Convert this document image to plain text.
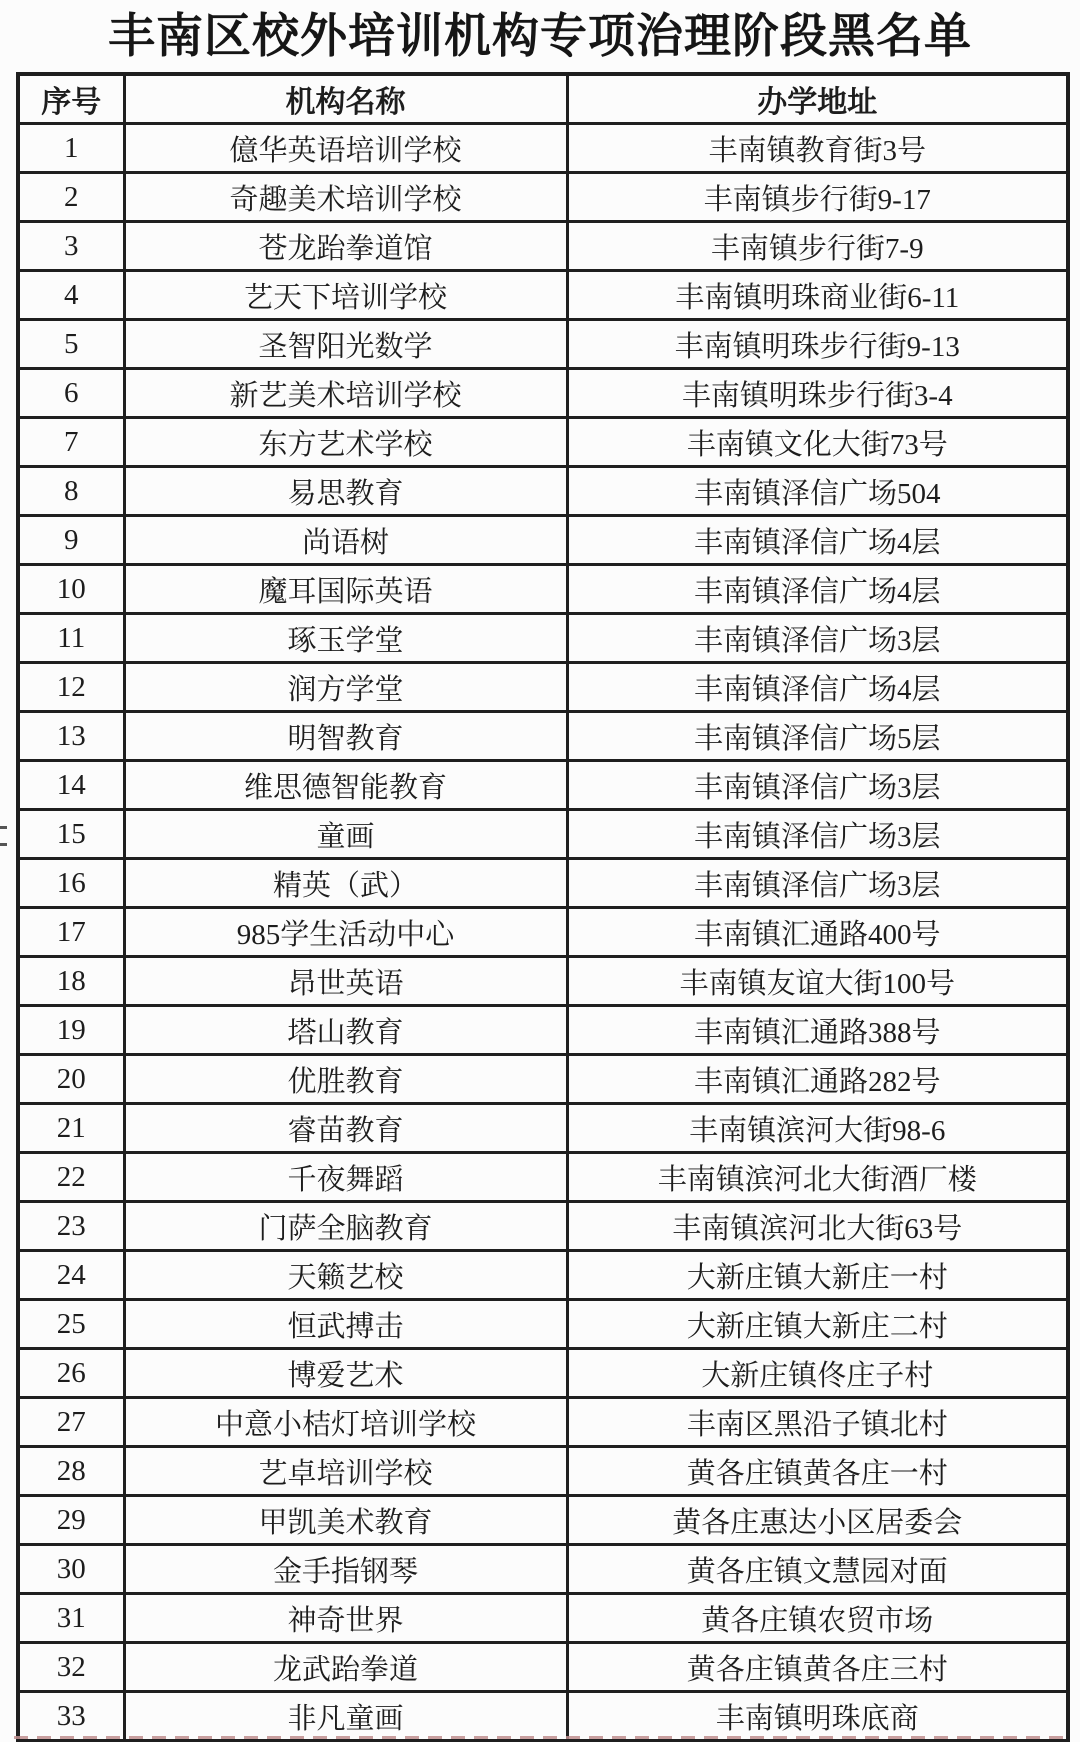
丰南区校外培训机构专项治理阶段黑名单
序号	机构名称	办学地址
1	億华英语培训学校	丰南镇教育街3号
2	奇趣美术培训学校	丰南镇步行街9-17
3	苍龙跆拳道馆	丰南镇步行街7-9
4	艺天下培训学校	丰南镇明珠商业街6-11
5	圣智阳光数学	丰南镇明珠步行街9-13
6	新艺美术培训学校	丰南镇明珠步行街3-4
7	东方艺术学校	丰南镇文化大街73号
8	易思教育	丰南镇泽信广场504
9	尚语树	丰南镇泽信广场4层
10	魔耳国际英语	丰南镇泽信广场4层
11	琢玉学堂	丰南镇泽信广场3层
12	润方学堂	丰南镇泽信广场4层
13	明智教育	丰南镇泽信广场5层
14	维思德智能教育	丰南镇泽信广场3层
15	童画	丰南镇泽信广场3层
16	精英（武）	丰南镇泽信广场3层
17	985学生活动中心	丰南镇汇通路400号
18	昂世英语	丰南镇友谊大街100号
19	塔山教育	丰南镇汇通路388号
20	优胜教育	丰南镇汇通路282号
21	睿苗教育	丰南镇滨河大街98-6
22	千夜舞蹈	丰南镇滨河北大街酒厂楼
23	门萨全脑教育	丰南镇滨河北大街63号
24	天籁艺校	大新庄镇大新庄一村
25	恒武搏击	大新庄镇大新庄二村
26	博爱艺术	大新庄镇佟庄子村
27	中意小桔灯培训学校	丰南区黑沿子镇北村
28	艺卓培训学校	黄各庄镇黄各庄一村
29	甲凯美术教育	黄各庄惠达小区居委会
30	金手指钢琴	黄各庄镇文慧园对面
31	神奇世界	黄各庄镇农贸市场
32	龙武跆拳道	黄各庄镇黄各庄三村
33	非凡童画	丰南镇明珠底商
